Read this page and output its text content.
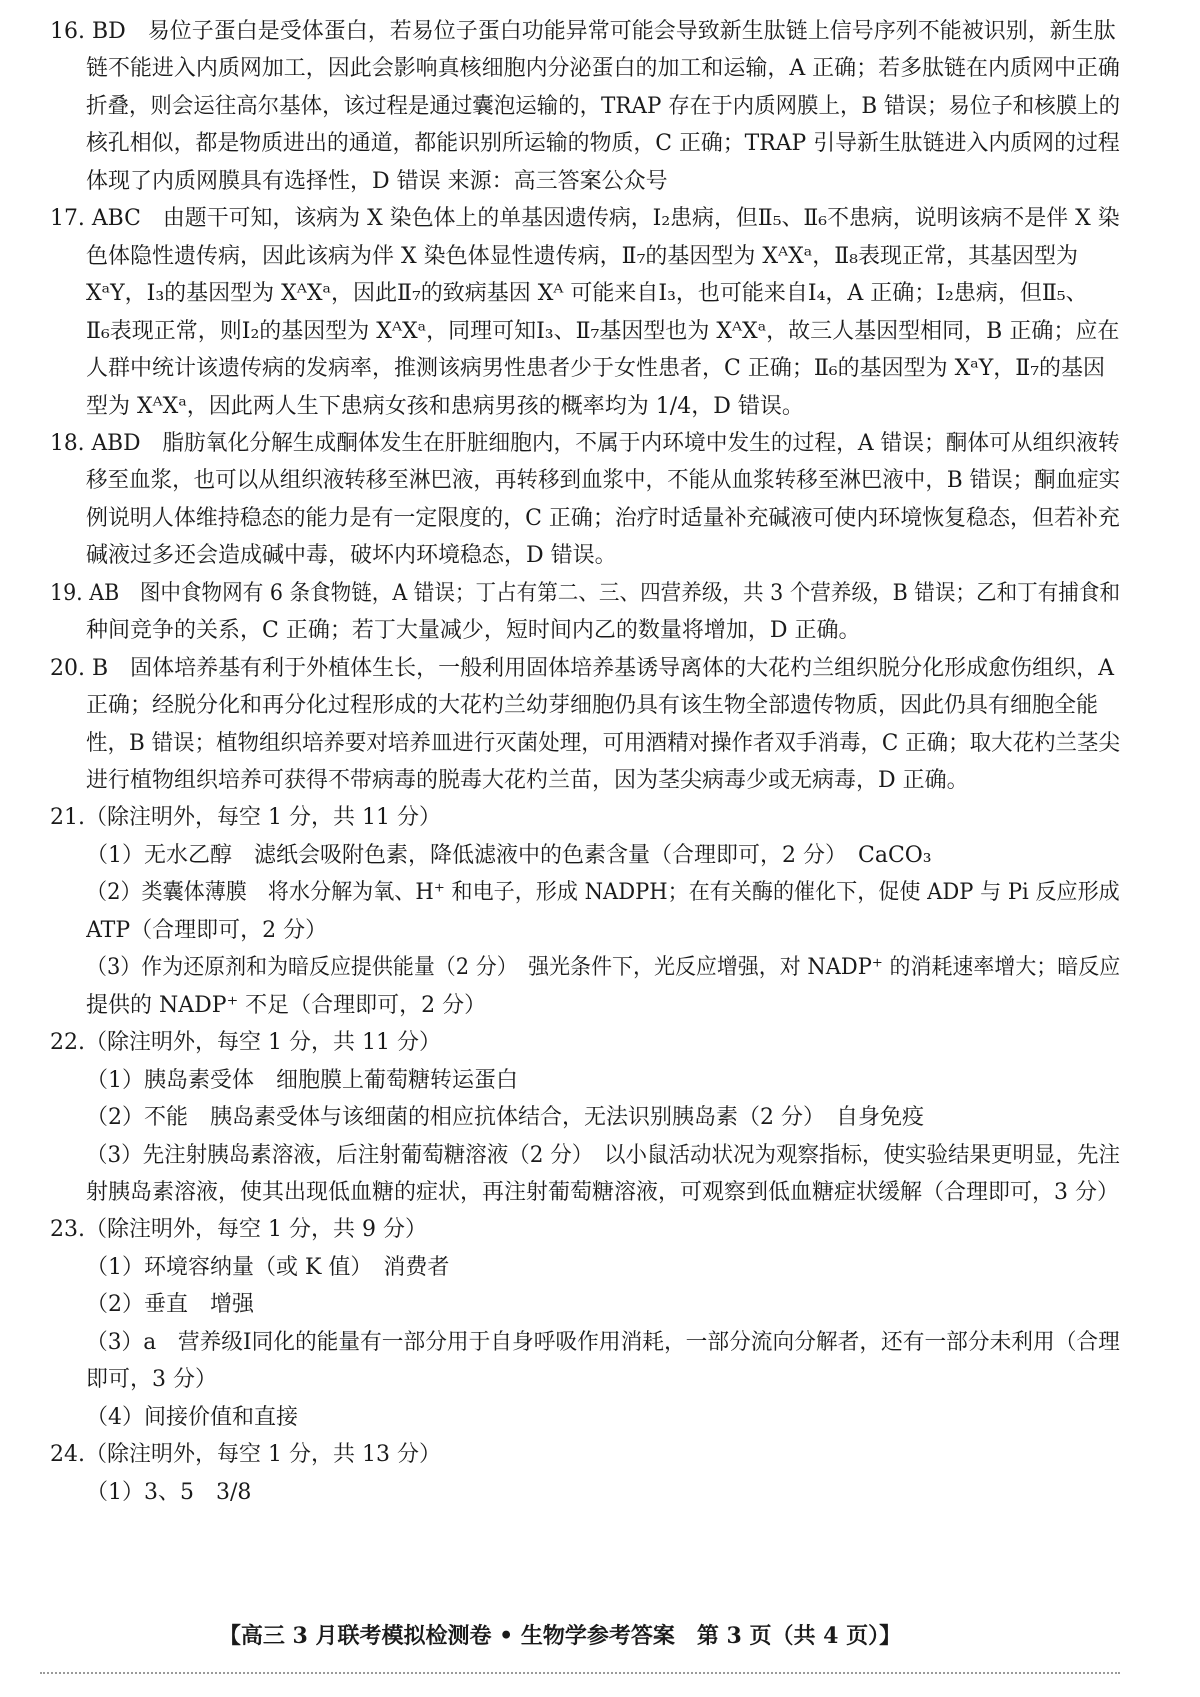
16. BD　易位子蛋白是受体蛋白，若易位子蛋白功能异常可能会导致新生肽链上信号序列不能被识别，新生肽
链不能进入内质网加工，因此会影响真核细胞内分泌蛋白的加工和运输，A 正确；若多肽链在内质网中正确
折叠，则会运往高尔基体，该过程是通过囊泡运输的，TRAP 存在于内质网膜上，B 错误；易位子和核膜上的
核孔相似，都是物质进出的通道，都能识别所运输的物质，C 正确；TRAP 引导新生肽链进入内质网的过程
体现了内质网膜具有选择性，D 错误 来源：高三答案公众号
17. ABC　由题干可知，该病为 X 染色体上的单基因遗传病，Ⅰ₂患病，但Ⅱ₅、Ⅱ₆不患病，说明该病不是伴 X 染
色体隐性遗传病，因此该病为伴 X 染色体显性遗传病，Ⅱ₇的基因型为 XᴬXᵃ，Ⅱ₈表现正常，其基因型为
XᵃY，Ⅰ₃的基因型为 XᴬXᵃ，因此Ⅱ₇的致病基因 Xᴬ 可能来自Ⅰ₃，也可能来自Ⅰ₄，A 正确；Ⅰ₂患病，但Ⅱ₅、
Ⅱ₆表现正常，则Ⅰ₂的基因型为 XᴬXᵃ，同理可知Ⅰ₃、Ⅱ₇基因型也为 XᴬXᵃ，故三人基因型相同，B 正确；应在
人群中统计该遗传病的发病率，推测该病男性患者少于女性患者，C 正确；Ⅱ₆的基因型为 XᵃY，Ⅱ₇的基因
型为 XᴬXᵃ，因此两人生下患病女孩和患病男孩的概率均为 1/4，D 错误。
18. ABD　脂肪氧化分解生成酮体发生在肝脏细胞内，不属于内环境中发生的过程，A 错误；酮体可从组织液转
移至血浆，也可以从组织液转移至淋巴液，再转移到血浆中，不能从血浆转移至淋巴液中，B 错误；酮血症实
例说明人体维持稳态的能力是有一定限度的，C 正确；治疗时适量补充碱液可使内环境恢复稳态，但若补充
碱液过多还会造成碱中毒，破坏内环境稳态，D 错误。
19. AB　图中食物网有 6 条食物链，A 错误；丁占有第二、三、四营养级，共 3 个营养级，B 错误；乙和丁有捕食和
种间竞争的关系，C 正确；若丁大量减少，短时间内乙的数量将增加，D 正确。
20. B　固体培养基有利于外植体生长，一般利用固体培养基诱导离体的大花杓兰组织脱分化形成愈伤组织，A
正确；经脱分化和再分化过程形成的大花杓兰幼芽细胞仍具有该生物全部遗传物质，因此仍具有细胞全能
性，B 错误；植物组织培养要对培养皿进行灭菌处理，可用酒精对操作者双手消毒，C 正确；取大花杓兰茎尖
进行植物组织培养可获得不带病毒的脱毒大花杓兰苗，因为茎尖病毒少或无病毒，D 正确。
21.（除注明外，每空 1 分，共 11 分）
（1）无水乙醇　滤纸会吸附色素，降低滤液中的色素含量（合理即可，2 分）　CaCO₃
（2）类囊体薄膜　将水分解为氧、H⁺ 和电子，形成 NADPH；在有关酶的催化下，促使 ADP 与 Pi 反应形成
ATP（合理即可，2 分）
（3）作为还原剂和为暗反应提供能量（2 分）　强光条件下，光反应增强，对 NADP⁺ 的消耗速率增大；暗反应
提供的 NADP⁺ 不足（合理即可，2 分）
22.（除注明外，每空 1 分，共 11 分）
（1）胰岛素受体　细胞膜上葡萄糖转运蛋白
（2）不能　胰岛素受体与该细菌的相应抗体结合，无法识别胰岛素（2 分）　自身免疫
（3）先注射胰岛素溶液，后注射葡萄糖溶液（2 分）　以小鼠活动状况为观察指标，使实验结果更明显，先注
射胰岛素溶液，使其出现低血糖的症状，再注射葡萄糖溶液，可观察到低血糖症状缓解（合理即可，3 分）
23.（除注明外，每空 1 分，共 9 分）
（1）环境容纳量（或 K 值）　消费者
（2）垂直　增强
（3）a　营养级Ⅰ同化的能量有一部分用于自身呼吸作用消耗，一部分流向分解者，还有一部分未利用（合理
即可，3 分）
（4）间接价值和直接
24.（除注明外，每空 1 分，共 13 分）
（1）3、5　3/8
【高三 3 月联考模拟检测卷 • 生物学参考答案　第 3 页（共 4 页）】
